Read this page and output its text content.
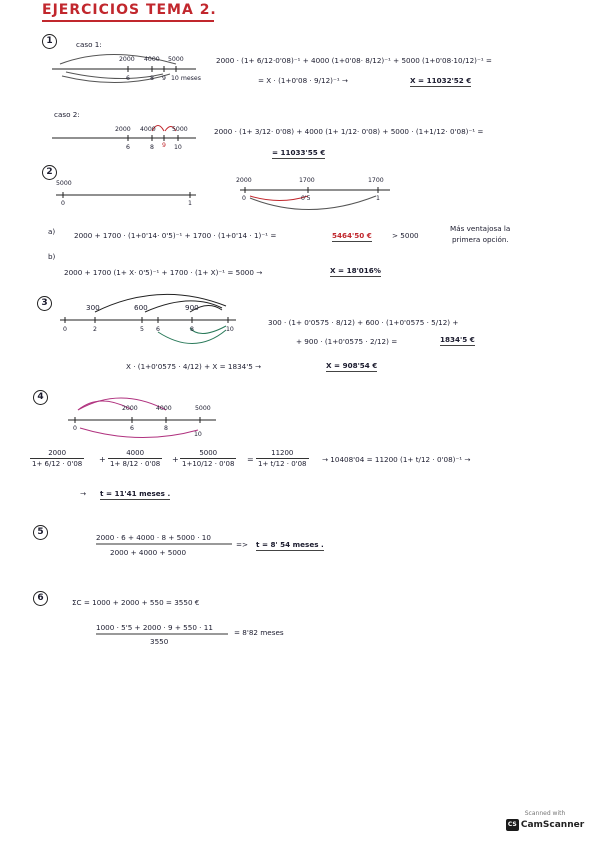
EJERCICIOS TEMA 2.
1	caso 1:
2000 4000 5000
6	8 9 10 meses
2000 · (1+ 6/12·0'08)⁻¹ + 4000 (1+0'08· 8/12)⁻¹ + 5000 (1+0'08·10/12)⁻¹ =
= X · (1+0'08 · 9/12)⁻¹ →	X = 11032'52 €
caso 2:
2000 4000	5000
6	8 9 10
2000 · (1+ 3/12· 0'08) + 4000 (1+ 1/12· 0'08) + 5000 · (1+1/12· 0'08)⁻¹ =
= 11033'55 €
2
5000
0	1
2000	1700	1700
0	0'5	1
a)	2000 + 1700 · (1+0'14· 0'5)⁻¹ + 1700 · (1+0'14 · 1)⁻¹ =	5464'50 €	> 5000
Más ventajosa la
primera opción.
b)
2000 + 1700 (1+ X· 0'5)⁻¹ + 1700 · (1+ X)⁻¹ = 5000 →	X = 18'016%
3	300	600	900
0	2	5 6	8	10
300 · (1+ 0'0575 · 8/12) + 600 · (1+0'0575 · 5/12) +
+ 900 · (1+0'0575 · 2/12) =	1834'5 €
X · (1+0'0575 · 4/12) + X = 1834'5 →	X = 908'54 €
4
2000	4000	5000
0	6	8
10
$\frac{2000}{1+ 6/12 \cdot 0'08} + \frac{4000}{1+ 8/12 \cdot 0'08} + \frac{5000}{1+10/12 \cdot 0'08} = \frac{11200}{1+ t/12 \cdot 0'08} \to 10408'04 = 11200$ (1+ t/12 · 0'08)⁻¹ →
→ t = 11'41 meses .
5
2000 · 6 + 4000 · 8 + 5000 · 10
2000 + 4000 + 5000
=> t = 8' 54 meses .
6	ΣC = 1000 + 2000 + 550 = 3550 €
1000 · 5'5 + 2000 · 9 + 550 · 11
3550
= 8'82 meses
Scanned with
CS CamScanner
